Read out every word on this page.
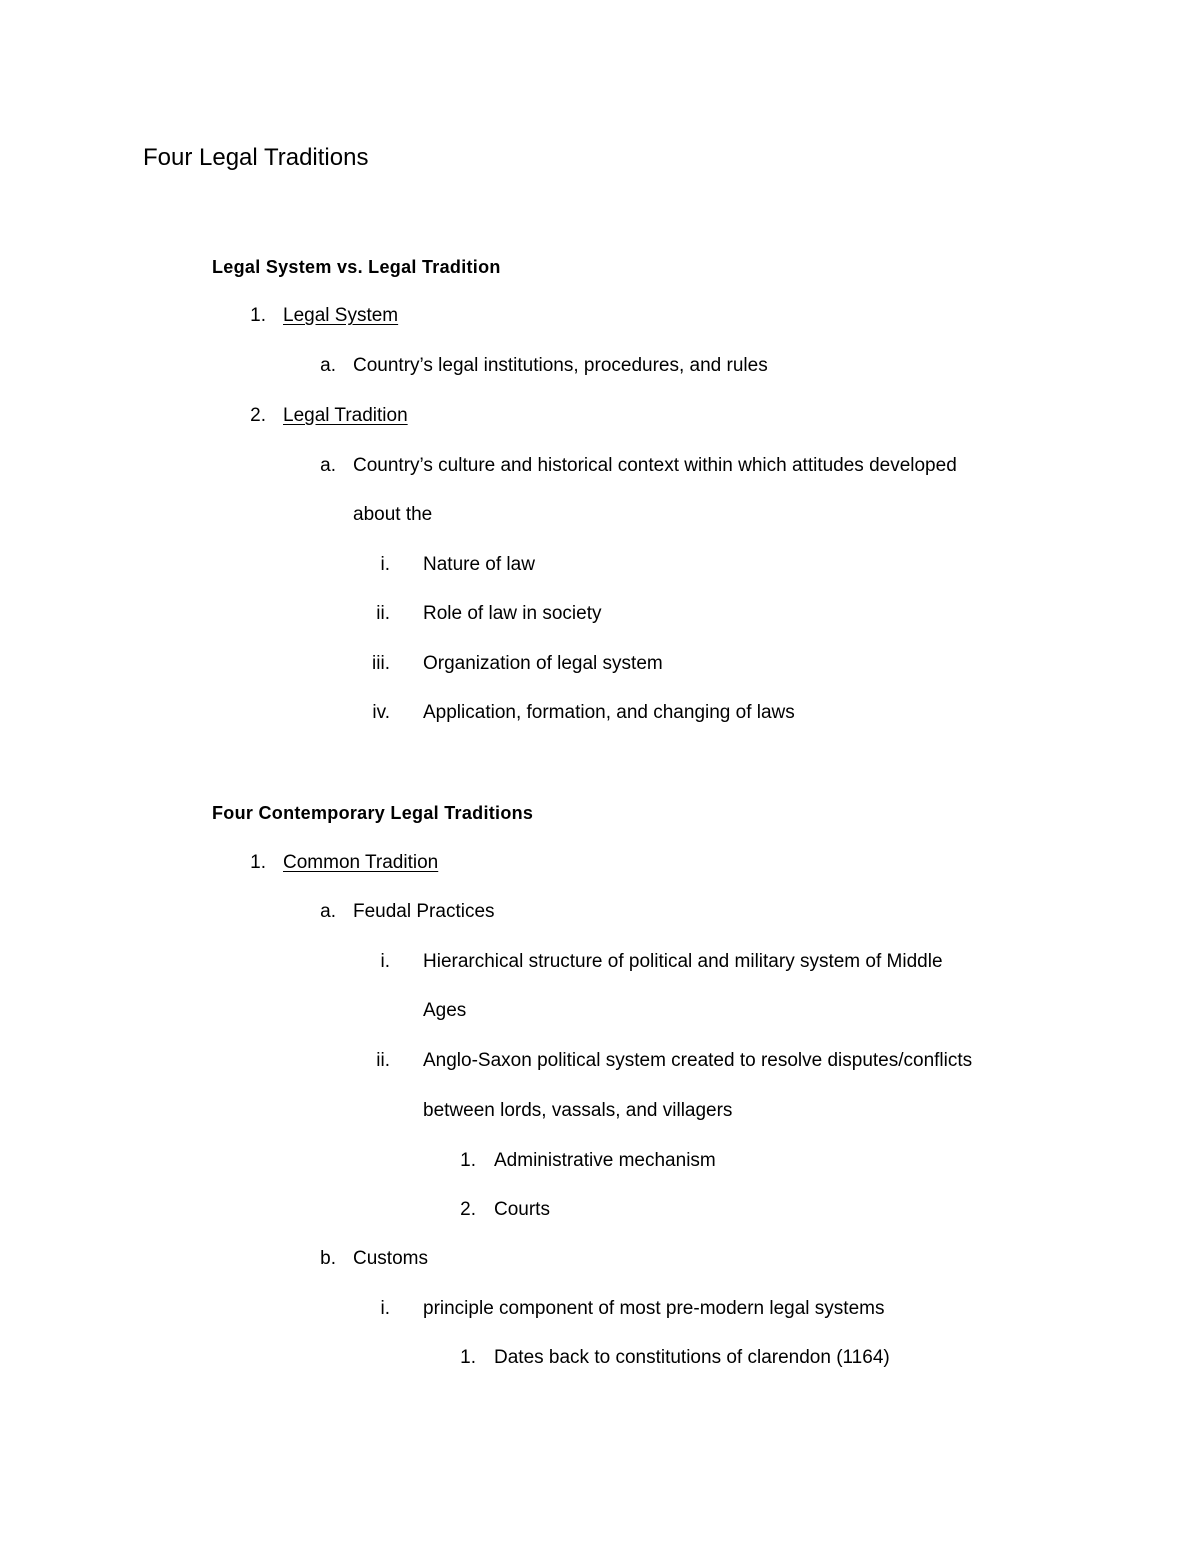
Four Legal Traditions
Legal System vs. Legal Tradition
1. Legal System
a. Country’s legal institutions, procedures, and rules
2. Legal Tradition
a. Country’s culture and historical context within which attitudes developed
about the
i. Nature of law
ii. Role of law in society
iii. Organization of legal system
iv. Application, formation, and changing of laws
Four Contemporary Legal Traditions
1. Common Tradition
a. Feudal Practices
i. Hierarchical structure of political and military system of Middle
Ages
ii. Anglo-Saxon political system created to resolve disputes/conflicts
between lords, vassals, and villagers
1. Administrative mechanism
2. Courts
b. Customs
i. principle component of most pre-modern legal systems
1. Dates back to constitutions of clarendon (1164)
